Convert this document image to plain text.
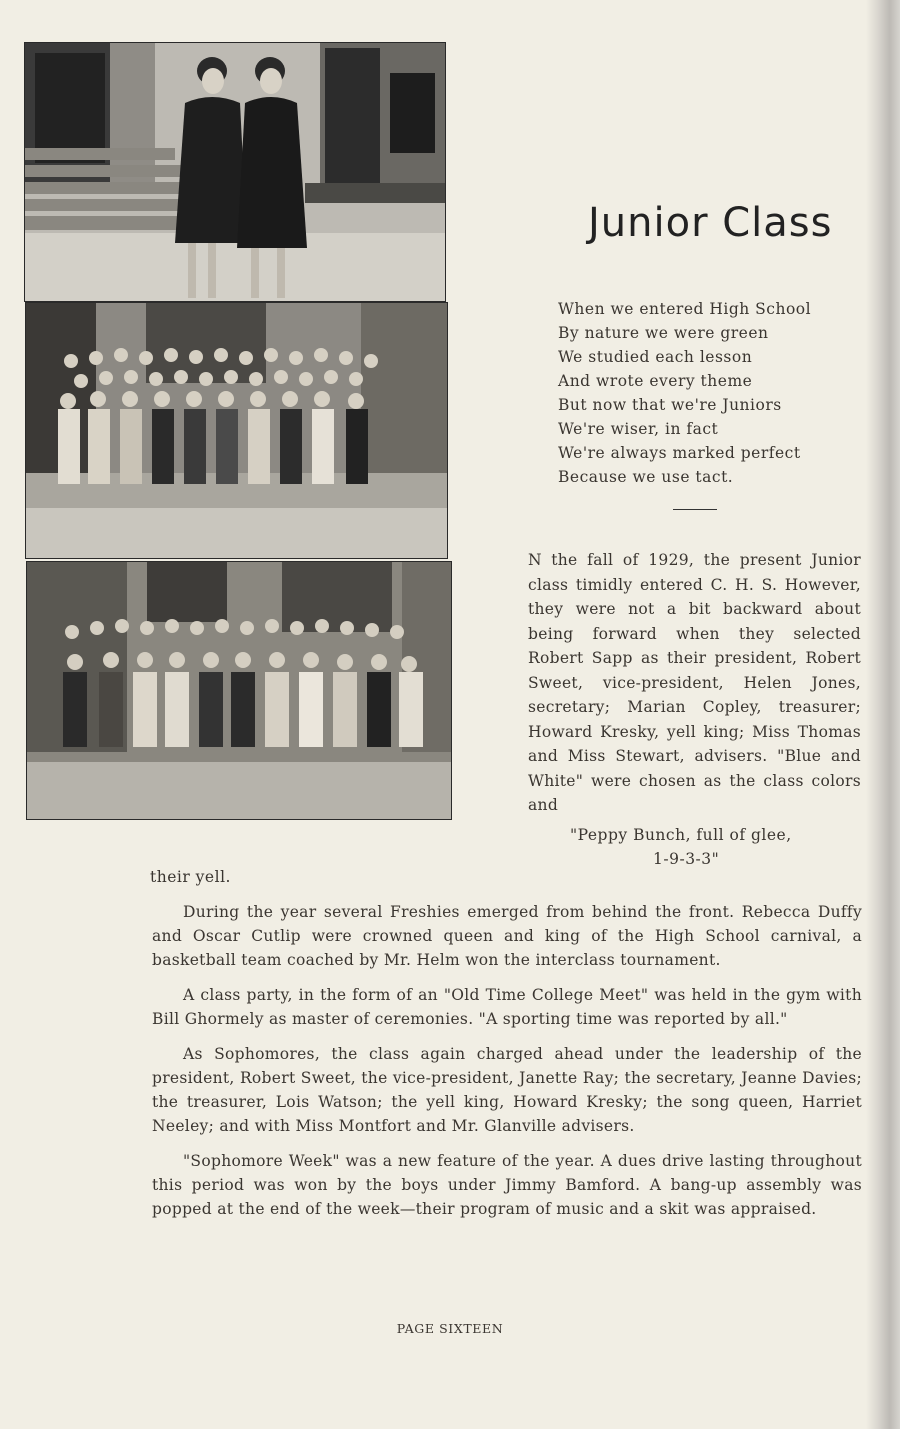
Junior Class
When we entered High School
By nature we were green
We studied each lesson
And wrote every theme
But now that we're Juniors
We're wiser, in fact
We're always marked perfect
Because we use tact.

N the fall of 1929, the present Junior class timidly entered C. H. S. However, they were not a bit backward about being forward when they selected Robert Sapp as their president, Robert Sweet, vice-president, Helen Jones, secretary; Marian Copley, treasurer; Howard Kresky, yell king; Miss Thomas and Miss Stewart, advisers. "Blue and White" were chosen as the class colors and

"Peppy Bunch, full of glee,
1-9-3-3"
their yell.

During the year several Freshies emerged from behind the front. Rebecca Duffy and Oscar Cutlip were crowned queen and king of the High School carnival, a basketball team coached by Mr. Helm won the interclass tournament.

A class party, in the form of an "Old Time College Meet" was held in the gym with Bill Ghormely as master of ceremonies. "A sporting time was reported by all."

As Sophomores, the class again charged ahead under the leadership of the president, Robert Sweet, the vice-president, Janette Ray; the secretary, Jeanne Davies; the treasurer, Lois Watson; the yell king, Howard Kresky; the song queen, Harriet Neeley; and with Miss Montfort and Mr. Glanville advisers.

"Sophomore Week" was a new feature of the year. A dues drive lasting throughout this period was won by the boys under Jimmy Bamford. A bang-up assembly was popped at the end of the week—their program of music and a skit was appraised.

PAGE SIXTEEN
